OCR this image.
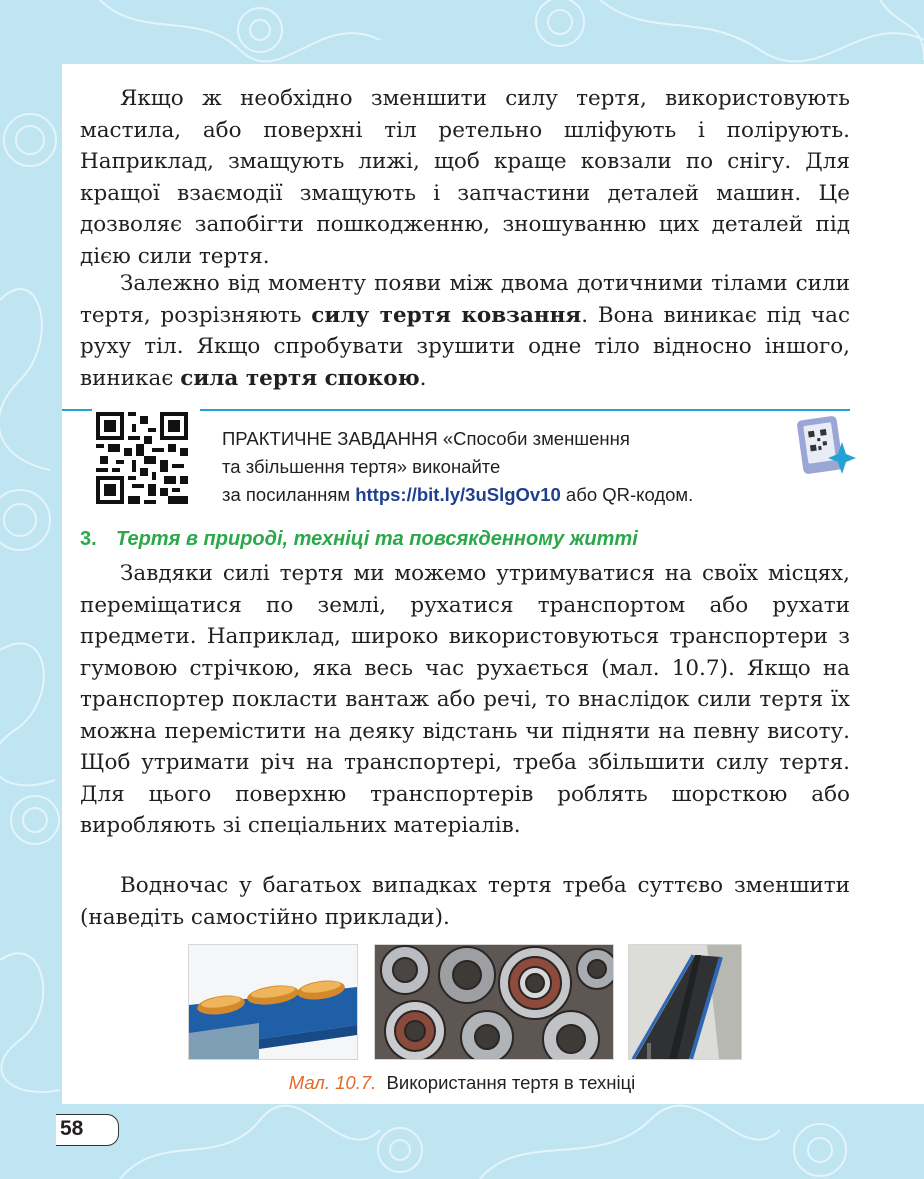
Якщо ж необхідно зменшити силу тертя, використовують мастила, або поверхні тіл ретельно шліфують і полірують. Наприклад, змащують лижі, щоб краще ковзали по снігу. Для кращої взаємодії змащують і запчастини деталей машин. Це дозволяє запобігти пошкодженню, зношуванню цих деталей під дією сили тертя.

Залежно від моменту появи між двома дотичними тілами сили тертя, розрізняють силу тертя ковзання. Вона виникає під час руху тіл. Якщо спробувати зрушити одне тіло відносно іншого, виникає сила тертя спокою.

ПРАКТИЧНЕ ЗАВДАННЯ «Способи зменшення
та збільшення тертя» виконайте
за посиланням https://bit.ly/3uSlgOv10 або QR-кодом.
3. Тертя в природі, техніці та повсякденному житті

Завдяки силі тертя ми можемо утримуватися на своїх місцях, переміщатися по землі, рухатися транспортом або рухати предмети. Наприклад, широко використовуються транспортери з гумовою стрічкою, яка весь час рухається (мал. 10.7). Якщо на транспортер покласти вантаж або речі, то внаслідок сили тертя їх можна перемістити на деяку відстань чи підняти на певну висоту. Щоб утримати річ на транспортері, треба збільшити силу тертя. Для цього поверхню транспортерів роблять шорсткою або виробляють зі спеціальних матеріалів.

Водночас у багатьох випадках тертя треба суттєво зменшити (наведіть самостійно приклади).

Мал. 10.7. Використання тертя в техніці
58
